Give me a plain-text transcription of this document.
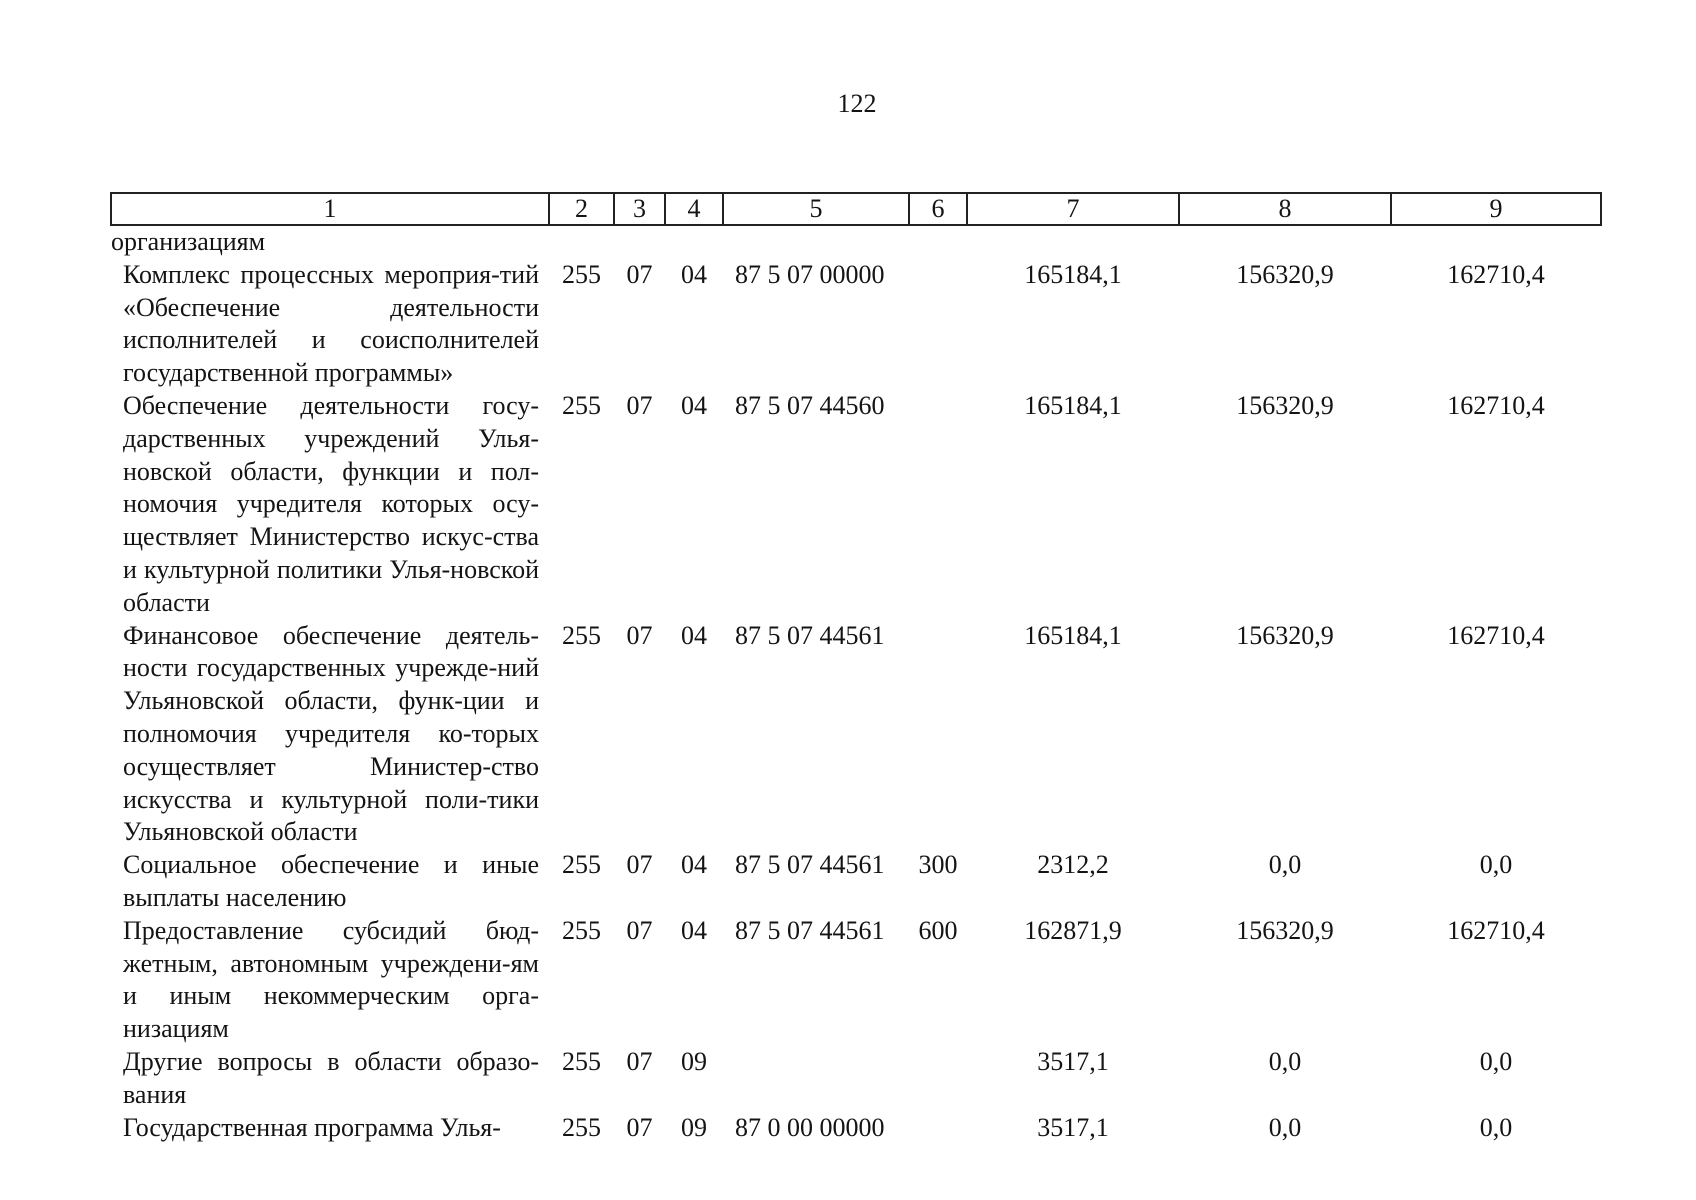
122
1	2	3	4	5	6	7	8	9
организациям								
Комплекс процессных мероприя-тий «Обеспечение деятельности исполнителей и соисполнителей государственной программы»	255	07	04	87 5 07 00000		165184,1	156320,9	162710,4
Обеспечение деятельности госу-дарственных учреждений Улья-новской области, функции и пол-номочия учредителя которых осу-ществляет Министерство искус-ства и культурной политики Улья-новской области	255	07	04	87 5 07 44560		165184,1	156320,9	162710,4
Финансовое обеспечение деятель-ности государственных учрежде-ний Ульяновской области, функ-ции и полномочия учредителя ко-торых осуществляет Министер-ство искусства и культурной поли-тики Ульяновской области	255	07	04	87 5 07 44561		165184,1	156320,9	162710,4
Социальное обеспечение и иные выплаты населению	255	07	04	87 5 07 44561	300	2312,2	0,0	0,0
Предоставление субсидий бюд-жетным, автономным учреждени-ям и иным некоммерческим орга-низациям	255	07	04	87 5 07 44561	600	162871,9	156320,9	162710,4
Другие вопросы в области образо-вания	255	07	09			3517,1	0,0	0,0
Государственная программа Улья-	255	07	09	87 0 00 00000		3517,1	0,0	0,0
